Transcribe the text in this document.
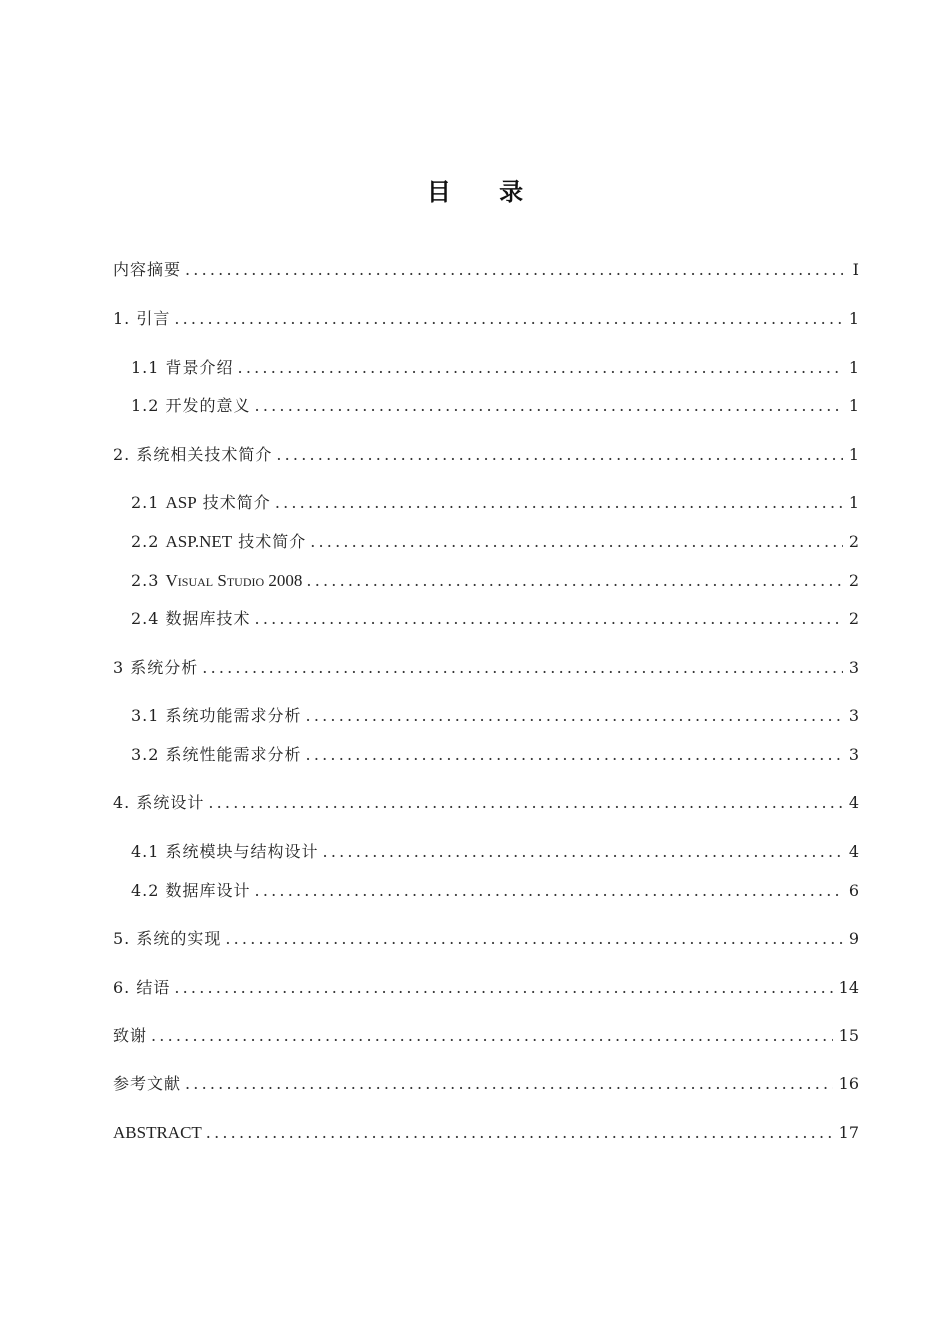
目 录
内容摘要 .....	I
1. 引言 .....	1
1.1 背景介绍 .....	1
1.2 开发的意义 .....	1
2. 系统相关技术简介 .....	1
2.1 ASP 技术简介 .....	1
2.2 ASP.NET 技术简介 .....	2
2.3 Visual Studio 2008 .....	2
2.4 数据库技术 .....	2
3 系统分析 .....	3
3.1 系统功能需求分析 .....	3
3.2 系统性能需求分析 .....	3
4. 系统设计 .....	4
4.1 系统模块与结构设计 .....	4
4.2 数据库设计 .....	6
5. 系统的实现 .....	9
6. 结语 .....	14
致谢 .....	15
参考文献 .....	16
ABSTRACT .....	17
